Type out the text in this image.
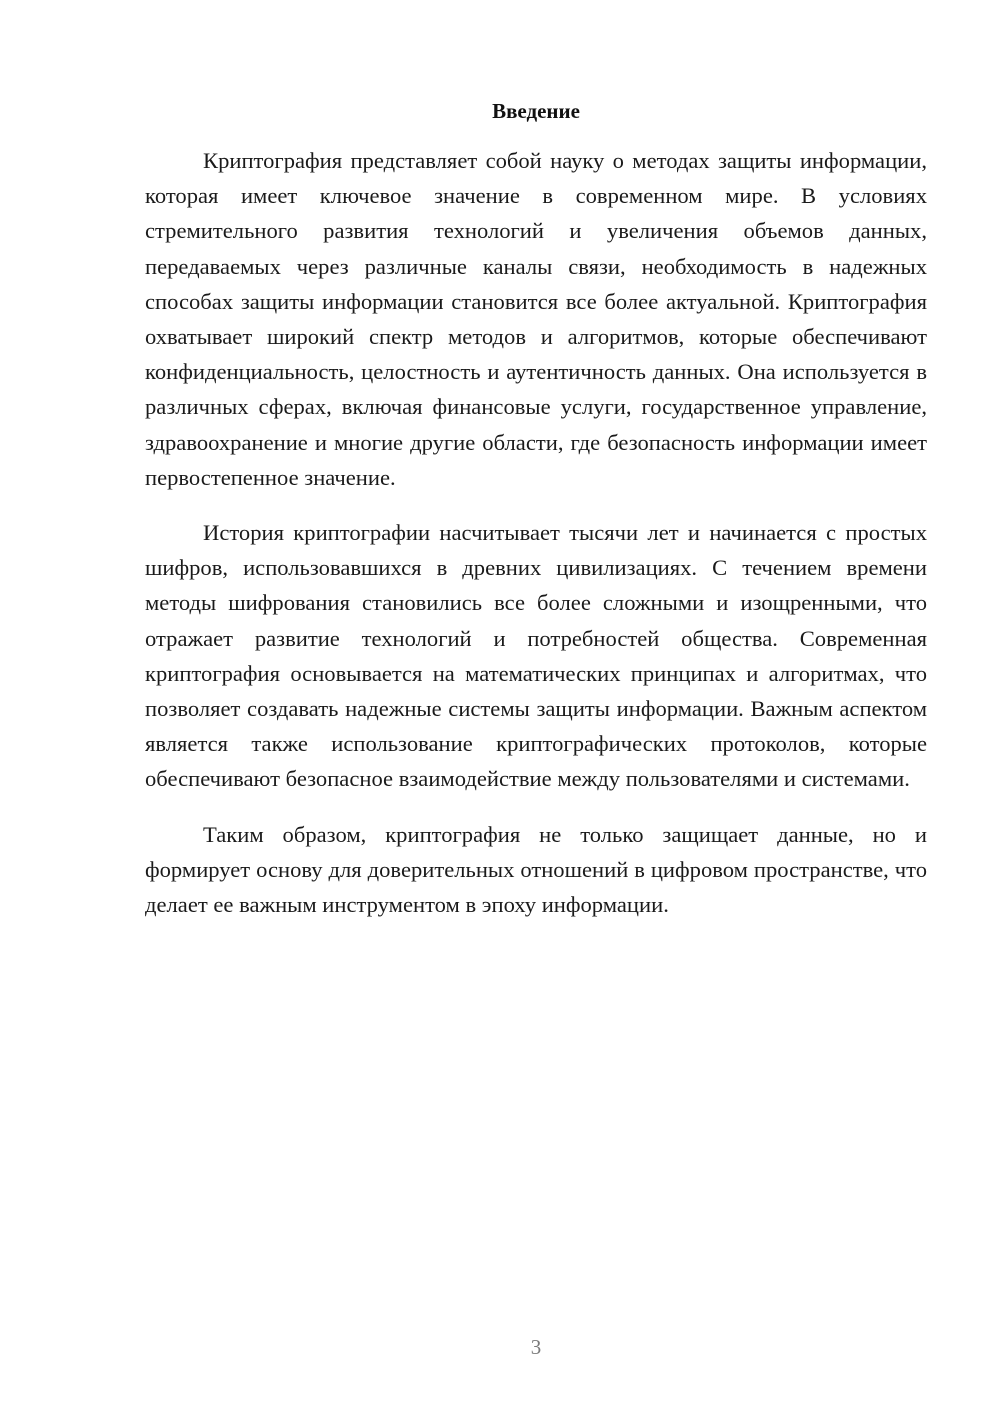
Введение

Криптография представляет собой науку о методах защиты информации, которая имеет ключевое значение в современном мире. В условиях стремительного развития технологий и увеличения объемов данных, передаваемых через различные каналы связи, необходимость в надежных способах защиты информации становится все более актуальной. Криптография охватывает широкий спектр методов и алгоритмов, которые обеспечивают конфиденциальность, целостность и аутентичность данных. Она используется в различных сферах, включая финансовые услуги, государственное управление, здравоохранение и многие другие области, где безопасность информации имеет первостепенное значение.

История криптографии насчитывает тысячи лет и начинается с простых шифров, использовавшихся в древних цивилизациях. С течением времени методы шифрования становились все более сложными и изощренными, что отражает развитие технологий и потребностей общества. Современная криптография основывается на математических принципах и алгоритмах, что позволяет создавать надежные системы защиты информации. Важным аспектом является также использование криптографических протоколов, которые обеспечивают безопасное взаимодействие между пользователями и системами.

Таким образом, криптография не только защищает данные, но и формирует основу для доверительных отношений в цифровом пространстве, что делает ее важным инструментом в эпоху информации.

3
